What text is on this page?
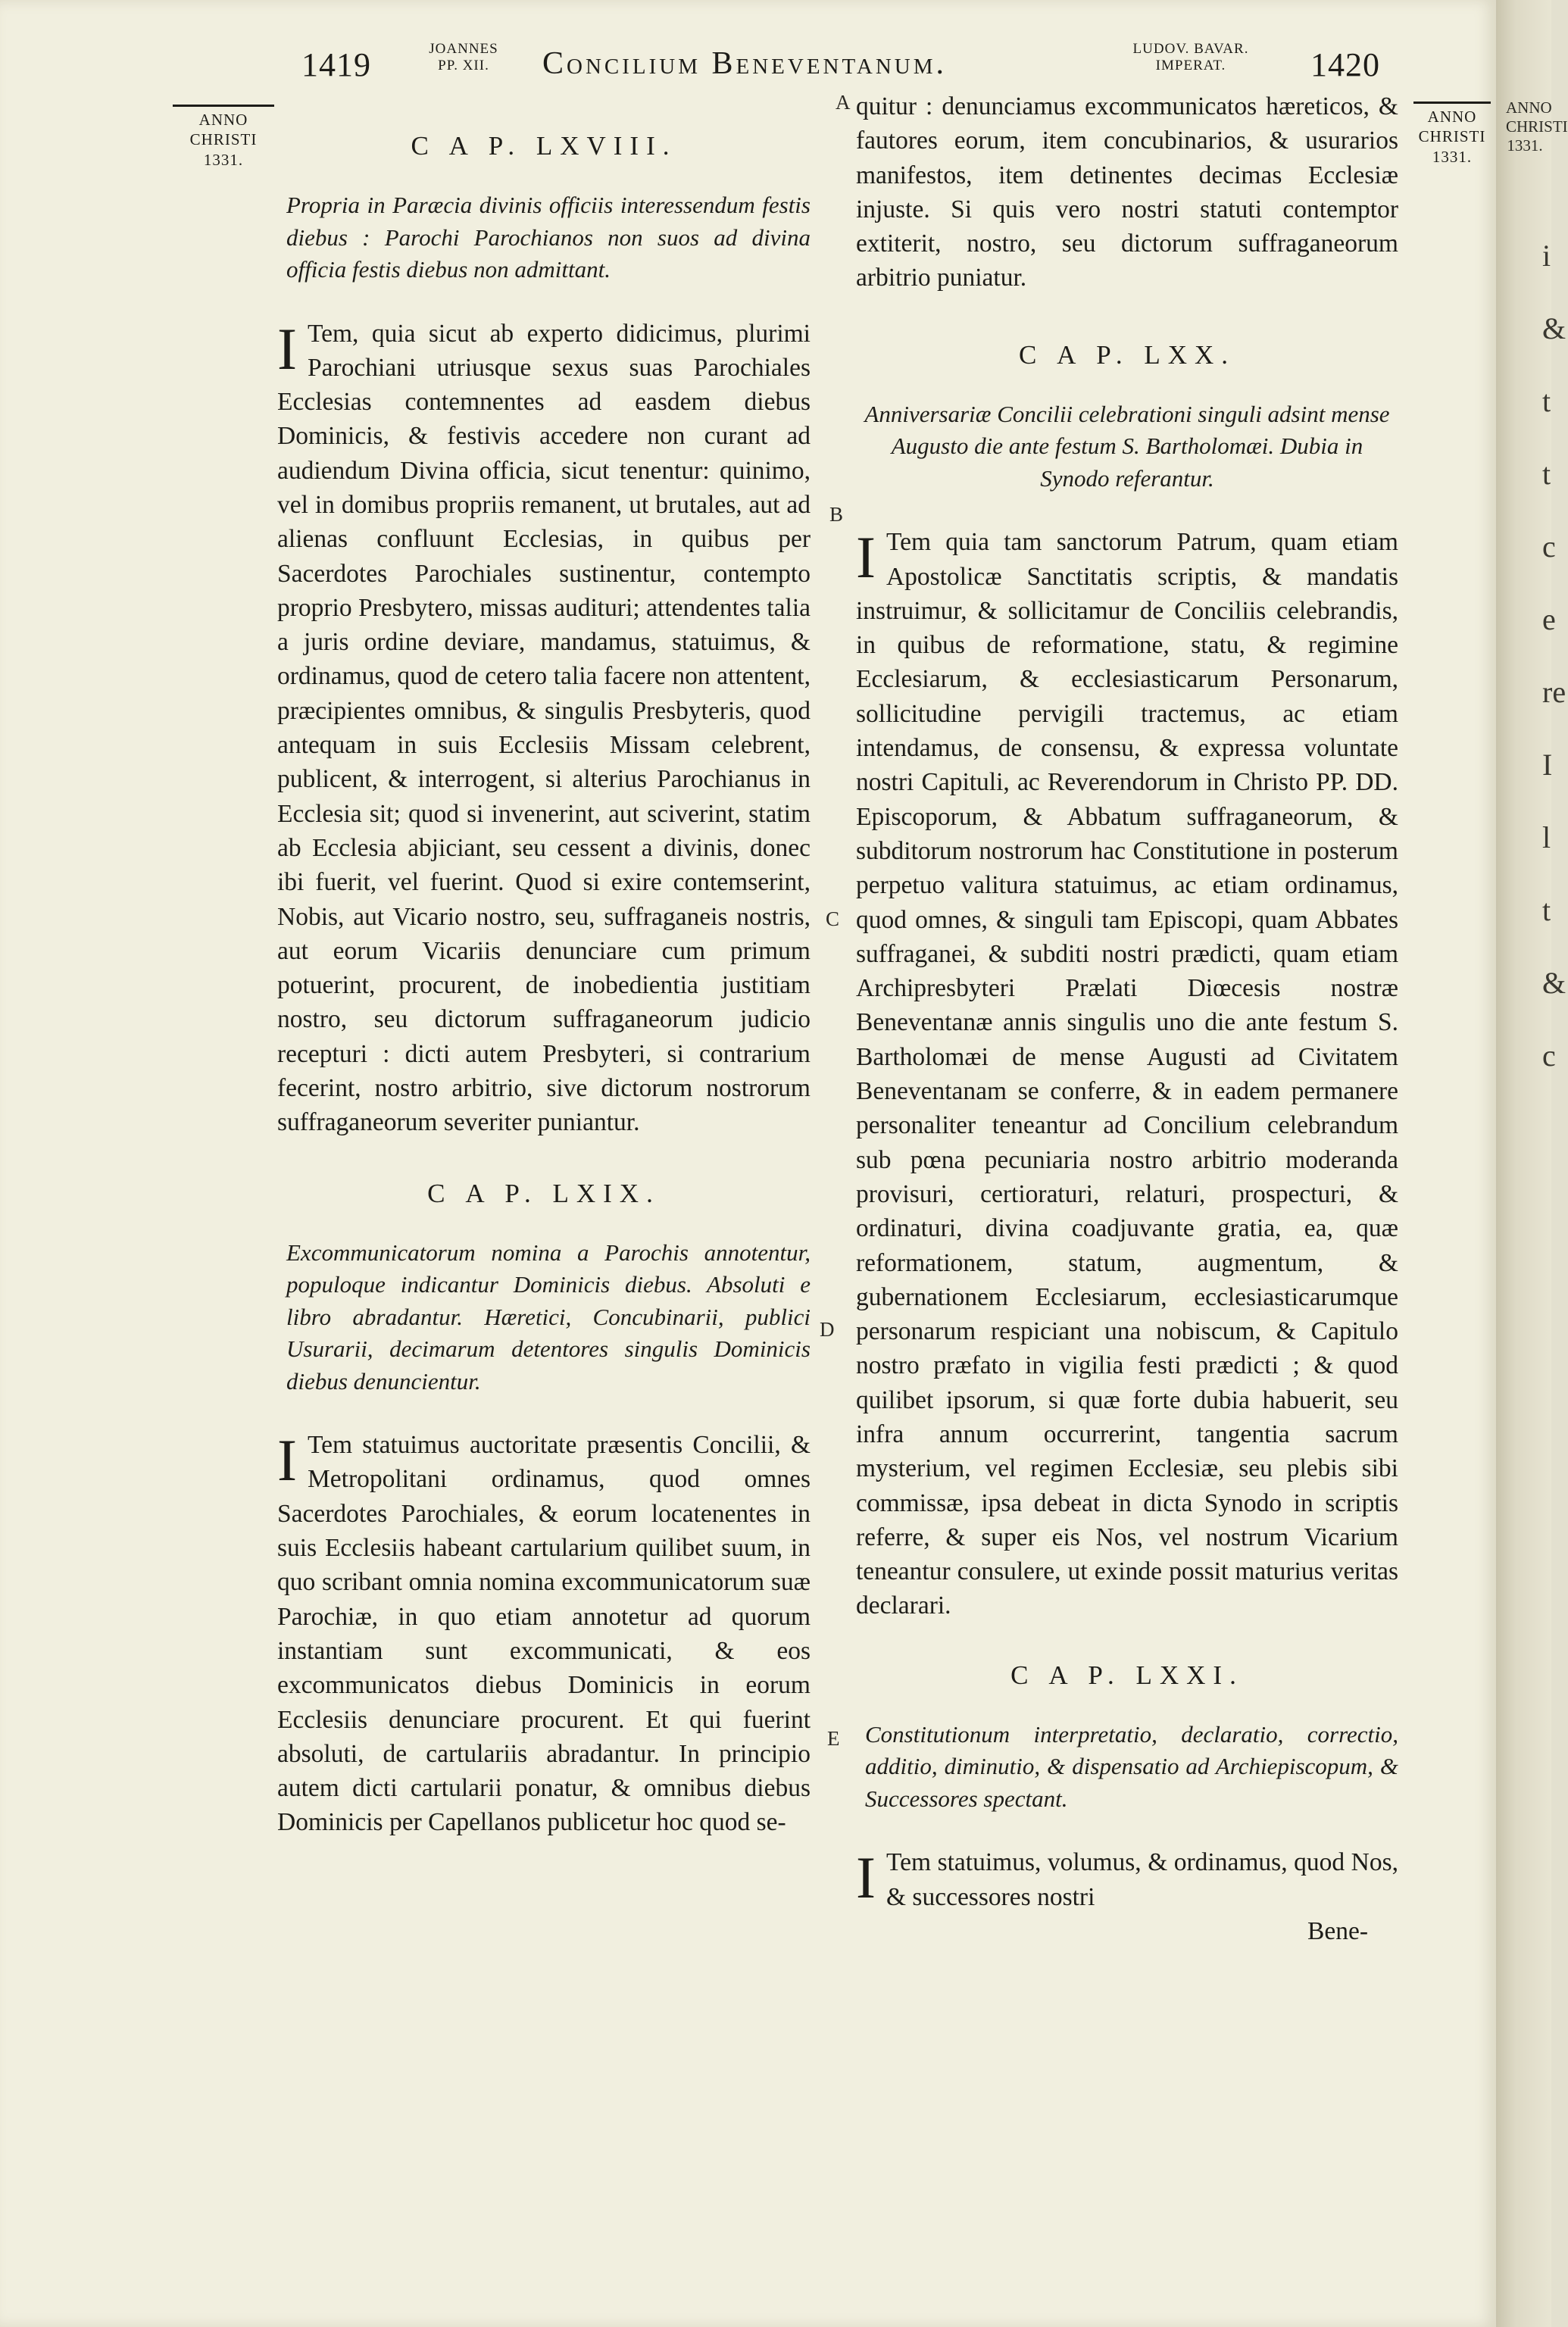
ANNO
CHRISTI
1331.
i
&
t
t
c
e
re
I
l
t
&
c
1419	JOANNES
PP. XII.	Concilium Beneventanum.	LUDOV. BAVAR.
IMPERAT.	1420
ANNO
CHRISTI
1331.
ANNO
CHRISTI
1331.
A
B
C
D
E
C A P. LXVIII.
Propria in Paræcia divinis officiis interessendum festis diebus : Parochi Parochianos non suos ad divina officia festis diebus non admittant.

I Tem, quia sicut ab experto didicimus, plurimi Parochiani utriusque sexus suas Parochiales Ecclesias contemnentes ad easdem diebus Dominicis, & festivis accedere non curant ad audiendum Divina officia, sicut tenentur: quinimo, vel in domibus propriis remanent, ut brutales, aut ad alienas confluunt Ecclesias, in quibus per Sacerdotes Parochiales sustinentur, contempto proprio Presbytero, missas audituri; attendentes talia a juris ordine deviare, mandamus, statuimus, & ordinamus, quod de cetero talia facere non attentent, præcipientes omnibus, & singulis Presbyteris, quod antequam in suis Ecclesiis Missam celebrent, publicent, & interrogent, si alterius Parochianus in Ecclesia sit; quod si invenerint, aut sciverint, statim ab Ecclesia abjiciant, seu cessent a divinis, donec ibi fuerit, vel fuerint. Quod si exire contemserint, Nobis, aut Vicario nostro, seu, suffraganeis nostris, aut eorum Vicariis denunciare cum primum potuerint, procurent, de inobedientia justitiam nostro, seu dictorum suffraganeorum judicio recepturi : dicti autem Presbyteri, si contrarium fecerint, nostro arbitrio, sive dictorum nostrorum suffraganeorum severiter puniantur.

C A P. LXIX.
Excommunicatorum nomina a Parochis annotentur, populoque indicantur Dominicis diebus. Absoluti e libro abradantur. Hæretici, Concubinarii, publici Usurarii, decimarum detentores singulis Dominicis diebus denuncientur.

I Tem statuimus auctoritate præsentis Concilii, & Metropolitani ordinamus, quod omnes Sacerdotes Parochiales, & eorum locatenentes in suis Ecclesiis habeant cartularium quilibet suum, in quo scribant omnia nomina excommunicatorum suæ Parochiæ, in quo etiam annotetur ad quorum instantiam sunt excommunicati, & eos excommunicatos diebus Dominicis in eorum Ecclesiis denunciare procurent. Et qui fuerint absoluti, de cartulariis abradantur. In principio autem dicti cartularii ponatur, & omnibus diebus Dominicis per Capellanos publicetur hoc quod se-

quitur : denunciamus excommunicatos hæreticos, & fautores eorum, item concubinarios, & usurarios manifestos, item detinentes decimas Ecclesiæ injuste. Si quis vero nostri statuti contemptor extiterit, nostro, seu dictorum suffraganeorum arbitrio puniatur.

C A P. LXX.
Anniversariæ Concilii celebrationi singuli adsint mense Augusto die ante festum S. Bartholomæi. Dubia in Synodo referantur.

I Tem quia tam sanctorum Patrum, quam etiam Apostolicæ Sanctitatis scriptis, & mandatis instruimur, & sollicitamur de Conciliis celebrandis, in quibus de reformatione, statu, & regimine Ecclesiarum, & ecclesiasticarum Personarum, sollicitudine pervigili tractemus, ac etiam intendamus, de consensu, & expressa voluntate nostri Capituli, ac Reverendorum in Christo PP. DD. Episcoporum, & Abbatum suffraganeorum, & subditorum nostrorum hac Constitutione in posterum perpetuo valitura statuimus, ac etiam ordinamus, quod omnes, & singuli tam Episcopi, quam Abbates suffraganei, & subditi nostri prædicti, quam etiam Archipresbyteri Prælati Diœcesis nostræ Beneventanæ annis singulis uno die ante festum S. Bartholomæi de mense Augusti ad Civitatem Beneventanam se conferre, & in eadem permanere personaliter teneantur ad Concilium celebrandum sub pœna pecuniaria nostro arbitrio moderanda provisuri, certioraturi, relaturi, prospecturi, & ordinaturi, divina coadjuvante gratia, ea, quæ reformationem, statum, augmentum, & gubernationem Ecclesiarum, ecclesiasticarumque personarum respiciant una nobiscum, & Capitulo nostro præfato in vigilia festi prædicti ; & quod quilibet ipsorum, si quæ forte dubia habuerit, seu infra annum occurrerint, tangentia sacrum mysterium, vel regimen Ecclesiæ, seu plebis sibi commissæ, ipsa debeat in dicta Synodo in scriptis referre, & super eis Nos, vel nostrum Vicarium teneantur consulere, ut exinde possit maturius veritas declarari.

C A P. LXXI.
Constitutionum interpretatio, declaratio, correctio, additio, diminutio, & dispensatio ad Archiepiscopum, & Successores spectant.

I Tem statuimus, volumus, & ordinamus, quod Nos, & successores nostri

Bene-
